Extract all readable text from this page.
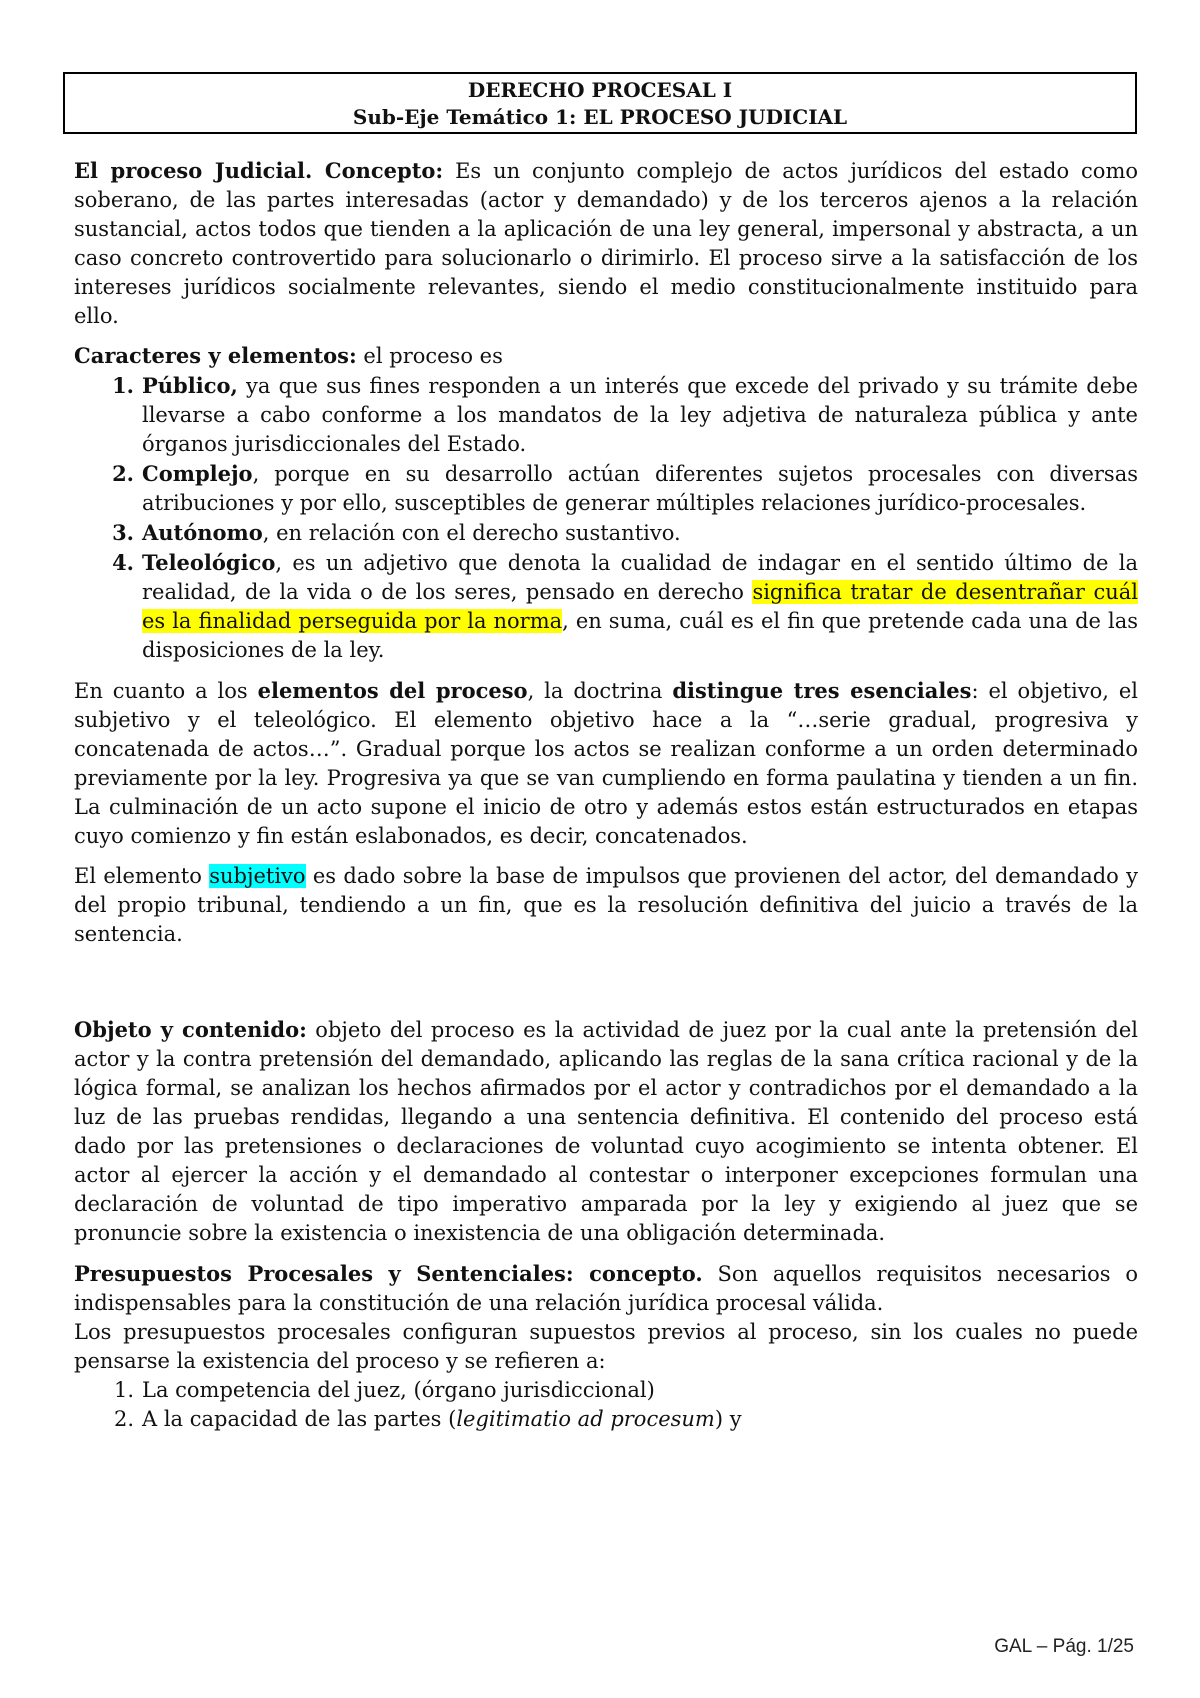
DERECHO PROCESAL I
Sub-Eje Temático 1: EL PROCESO JUDICIAL

El proceso Judicial. Concepto: Es un conjunto complejo de actos jurídicos del estado como soberano, de las partes interesadas (actor y demandado) y de los terceros ajenos a la relación sustancial, actos todos que tienden a la aplicación de una ley general, impersonal y abstracta, a un caso concreto controvertido para solucionarlo o dirimirlo. El proceso sirve a la satisfacción de los intereses jurídicos socialmente relevantes, siendo el medio constitucionalmente instituido para ello.

Caracteres y elementos: el proceso es

1. Público, ya que sus fines responden a un interés que excede del privado y su trámite debe llevarse a cabo conforme a los mandatos de la ley adjetiva de naturaleza pública y ante órganos jurisdiccionales del Estado.
2. Complejo, porque en su desarrollo actúan diferentes sujetos procesales con diversas atribuciones y por ello, susceptibles de generar múltiples relaciones jurídico-procesales.
3. Autónomo, en relación con el derecho sustantivo.
4. Teleológico, es un adjetivo que denota la cualidad de indagar en el sentido último de la realidad, de la vida o de los seres, pensado en derecho significa tratar de desentrañar cuál es la finalidad perseguida por la norma, en suma, cuál es el fin que pretende cada una de las disposiciones de la ley.

En cuanto a los elementos del proceso, la doctrina distingue tres esenciales: el objetivo, el subjetivo y el teleológico. El elemento objetivo hace a la “…serie gradual, progresiva y concatenada de actos…”. Gradual porque los actos se realizan conforme a un orden determinado previamente por la ley. Progresiva ya que se van cumpliendo en forma paulatina y tienden a un fin. La culminación de un acto supone el inicio de otro y además estos están estructurados en etapas cuyo comienzo y fin están eslabonados, es decir, concatenados.

El elemento subjetivo es dado sobre la base de impulsos que provienen del actor, del demandado y del propio tribunal, tendiendo a un fin, que es la resolución definitiva del juicio a través de la sentencia.

Objeto y contenido: objeto del proceso es la actividad de juez por la cual ante la pretensión del actor y la contra pretensión del demandado, aplicando las reglas de la sana crítica racional y de la lógica formal, se analizan los hechos afirmados por el actor y contradichos por el demandado a la luz de las pruebas rendidas, llegando a una sentencia definitiva. El contenido del proceso está dado por las pretensiones o declaraciones de voluntad cuyo acogimiento se intenta obtener. El actor al ejercer la acción y el demandado al contestar o interponer excepciones formulan una declaración de voluntad de tipo imperativo amparada por la ley y exigiendo al juez que se pronuncie sobre la existencia o inexistencia de una obligación determinada.

Presupuestos Procesales y Sentenciales: concepto. Son aquellos requisitos necesarios o indispensables para la constitución de una relación jurídica procesal válida.

Los presupuestos procesales configuran supuestos previos al proceso, sin los cuales no puede pensarse la existencia del proceso y se refieren a:

1. La competencia del juez, (órgano jurisdiccional)
2. A la capacidad de las partes (legitimatio ad procesum) y
GAL – Pág. 1/25
